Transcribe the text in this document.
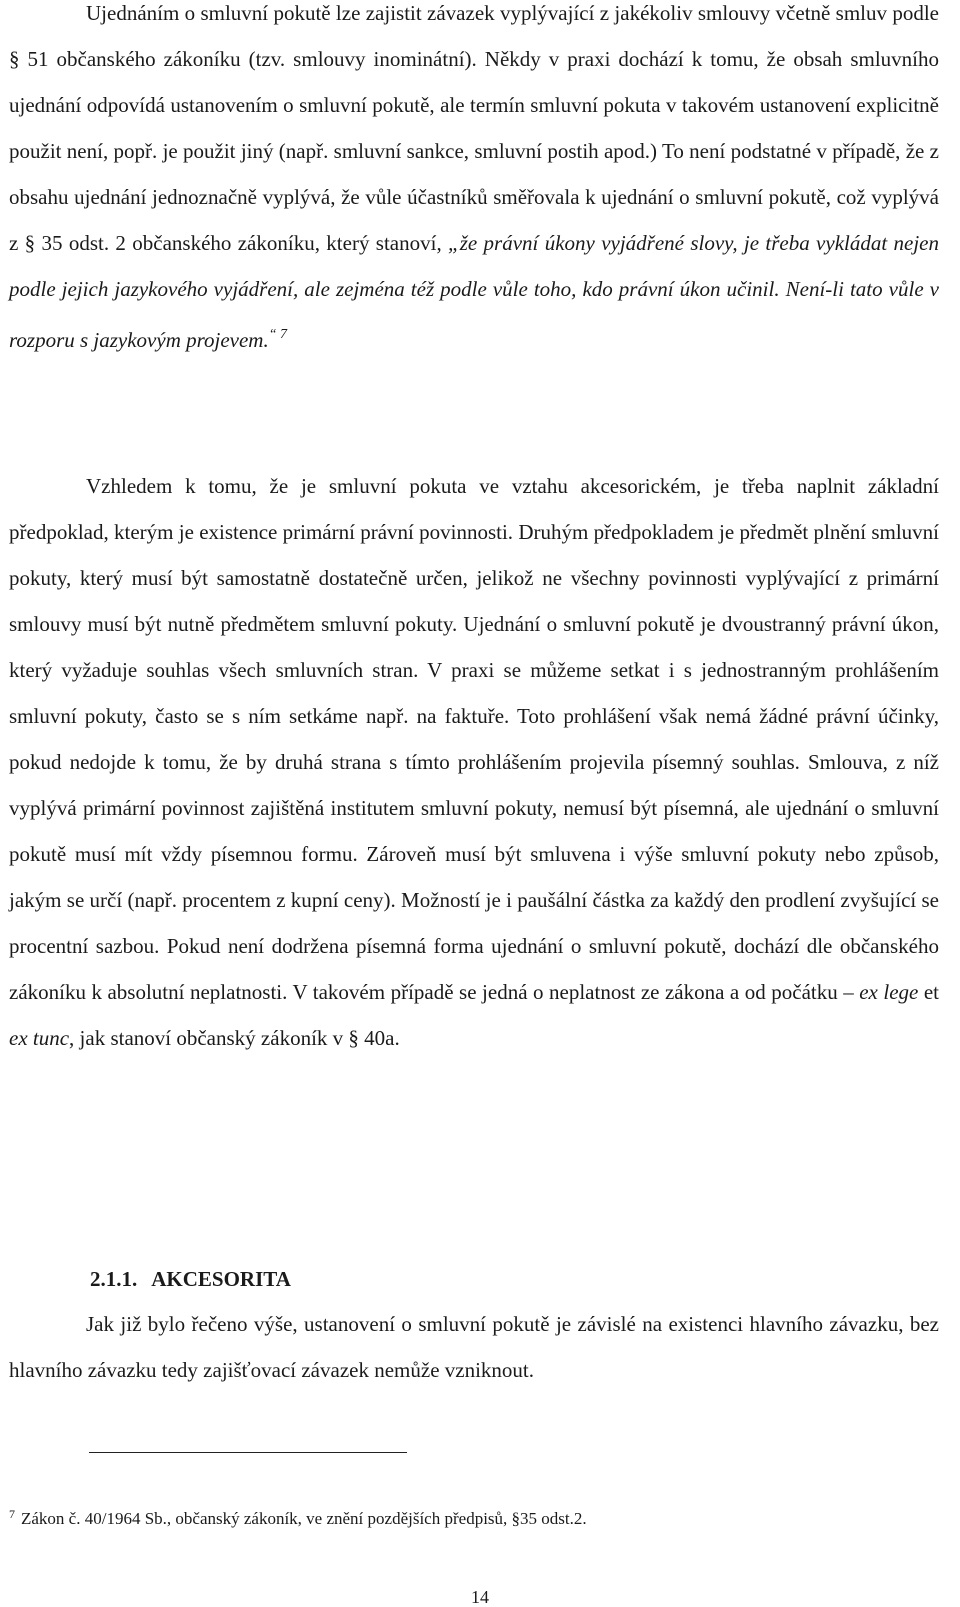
Ujednáním o smluvní pokutě lze zajistit závazek vyplývající z jakékoliv smlouvy včetně smluv podle § 51 občanského zákoníku (tzv. smlouvy inominátní). Někdy v praxi dochází k tomu, že obsah smluvního ujednání odpovídá ustanovením o smluvní pokutě, ale termín smluvní pokuta v takovém ustanovení explicitně použit není, popř. je použit jiný (např. smluvní sankce, smluvní postih apod.) To není podstatné v případě, že z obsahu ujednání jednoznačně vyplývá, že vůle účastníků směřovala k ujednání o smluvní pokutě, což vyplývá z § 35 odst. 2 občanského zákoníku, který stanoví, „že právní úkony vyjádřené slovy, je třeba vykládat nejen podle jejich jazykového vyjádření, ale zejména též podle vůle toho, kdo právní úkon učinil. Není-li tato vůle v rozporu s jazykovým projevem.$^{“ 7}$

Vzhledem k tomu, že je smluvní pokuta ve vztahu akcesorickém, je třeba naplnit základní předpoklad, kterým je existence primární právní povinnosti. Druhým předpokladem je předmět plnění smluvní pokuty, který musí být samostatně dostatečně určen, jelikož ne všechny povinnosti vyplývající z primární smlouvy musí být nutně předmětem smluvní pokuty. Ujednání o smluvní pokutě je dvoustranný právní úkon, který vyžaduje souhlas všech smluvních stran. V praxi se můžeme setkat i s jednostranným prohlášením smluvní pokuty, často se s ním setkáme např. na faktuře. Toto prohlášení však nemá žádné právní účinky, pokud nedojde k tomu, že by druhá strana s tímto prohlášením projevila písemný souhlas. Smlouva, z níž vyplývá primární povinnost zajištěná institutem smluvní pokuty, nemusí být písemná, ale ujednání o smluvní pokutě musí mít vždy písemnou formu. Zároveň musí být smluvena i výše smluvní pokuty nebo způsob, jakým se určí (např. procentem z kupní ceny). Možností je i paušální částka za každý den prodlení zvyšující se procentní sazbou. Pokud není dodržena písemná forma ujednání o smluvní pokutě, dochází dle občanského zákoníku k absolutní neplatnosti. V takovém případě se jedná o neplatnost ze zákona a od počátku – ex lege et ex tunc, jak stanoví občanský zákoník v § 40a.

2.1.1. AKCESORITA

Jak již bylo řečeno výše, ustanovení o smluvní pokutě je závislé na existenci hlavního závazku, bez hlavního závazku tedy zajišťovací závazek nemůže vzniknout.

$^7$ Zákon č. 40/1964 Sb., občanský zákoník, ve znění pozdějších předpisů, §35 odst.2.

14
